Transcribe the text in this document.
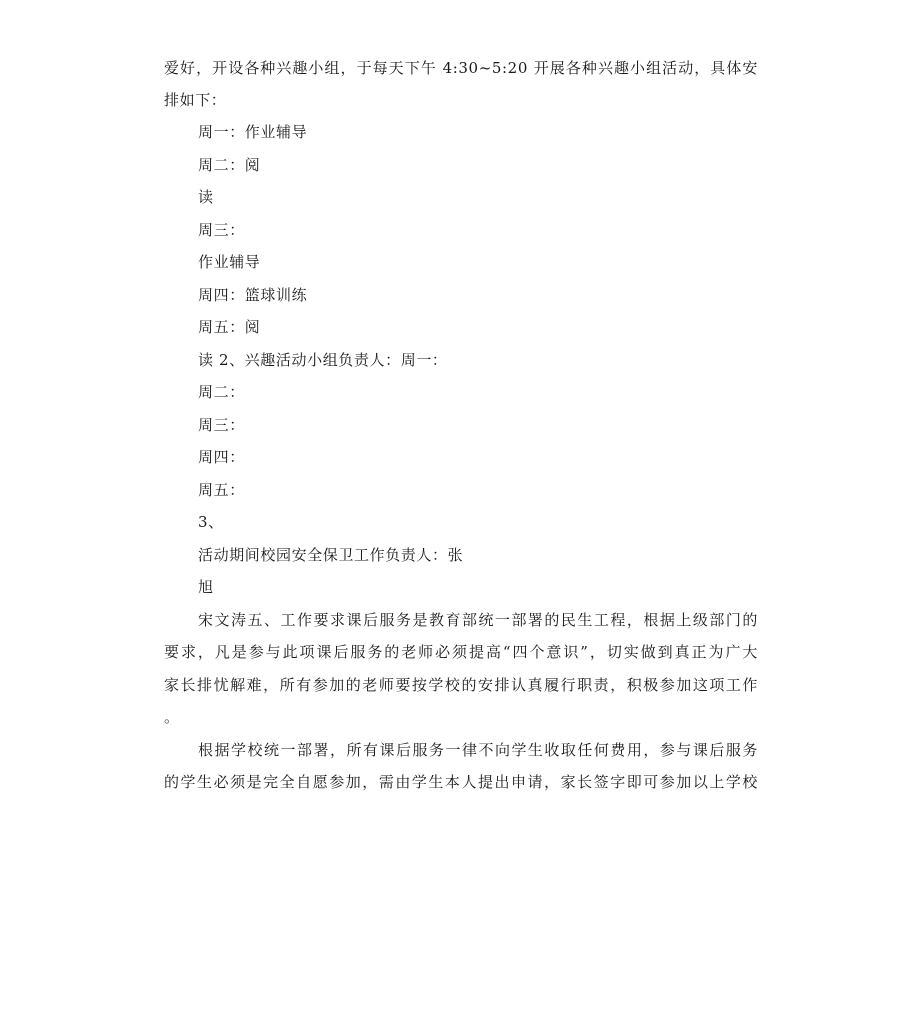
爱好，开设各种兴趣小组，于每天下午 4:30~5:20 开展各种兴趣小组活动，具体安
排如下：
周一：作业辅导
周二：阅
读
周三：
作业辅导
周四：篮球训练
周五：阅
读 2、兴趣活动小组负责人：周一：
周二：
周三：
周四：
周五：
3、
活动期间校园安全保卫工作负责人：张
旭
宋文涛五、工作要求课后服务是教育部统一部署的民生工程，根据上级部门的
要求，凡是参与此项课后服务的老师必须提高“四个意识”，切实做到真正为广大
家长排忧解难，所有参加的老师要按学校的安排认真履行职责，积极参加这项工作
。
根据学校统一部署，所有课后服务一律不向学生收取任何费用，参与课后服务
的学生必须是完全自愿参加，需由学生本人提出申请，家长签字即可参加以上学校
